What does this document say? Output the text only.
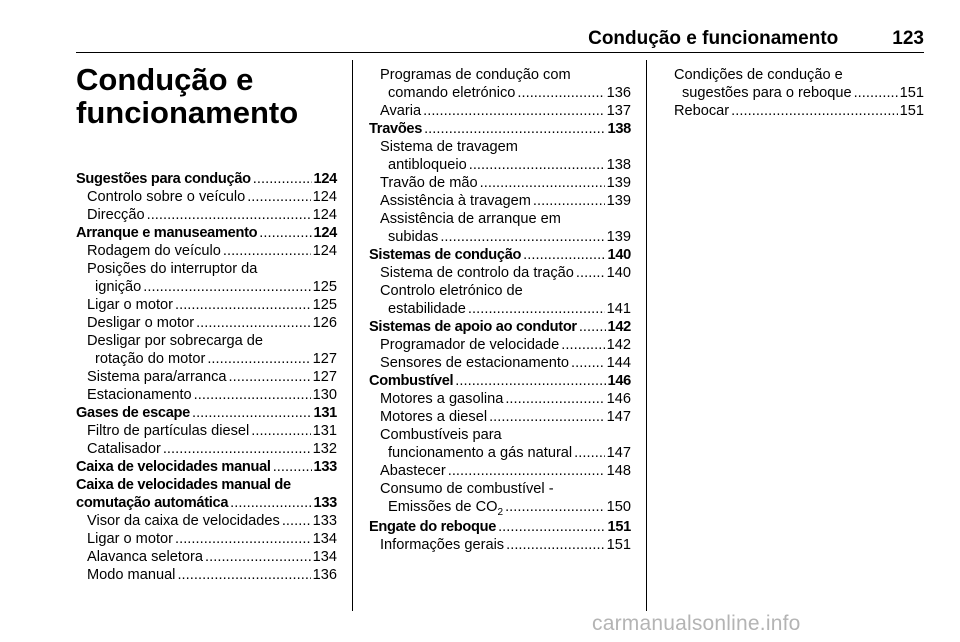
Condução e funcionamento	123
Condução e
funcionamento
Sugestões para condução . . .	124
Controlo sobre o veículo . . .	124
Direcção . . .	124
Arranque e manuseamento . . .	124
Rodagem do veículo . . .	124
Posições do interruptor da
ignição . . .	125
Ligar o motor . . .	125
Desligar o motor . . .	126
Desligar por sobrecarga de
rotação do motor . . .	127
Sistema para/arranca . . .	127
Estacionamento . . .	130
Gases de escape . . .	131
Filtro de partículas diesel . . .	131
Catalisador . . .	132
Caixa de velocidades manual . . .	133
Caixa de velocidades manual de
comutação automática . . .	133
Visor da caixa de velocidades . . . 133
Ligar o motor . . .	134
Alavanca seletora . . .	134
Modo manual . . .	136
Programas de condução com
comando eletrónico . . .	136
Avaria . . .	137
Travões . . .	138
Sistema de travagem
antibloqueio . . .	138
Travão de mão . . .	139
Assistência à travagem . . .	139
Assistência de arranque em
subidas . . .	139
Sistemas de condução . . .	140
Sistema de controlo da tração . . . 140
Controlo eletrónico de
estabilidade . . .	141
Sistemas de apoio ao condutor . . . 142
Programador de velocidade . . .	142
Sensores de estacionamento . . .	144
Combustível . . .	146
Motores a gasolina . . .	146
Motores a diesel . . .	147
Combustíveis para
funcionamento a gás natural . . . 147
Abastecer . . .	148
Consumo de combustível -
Emissões de $CO_2$ . . .	150
Engate do reboque . . .	151
Informações gerais . . .	151
Condições de condução e
sugestões para o reboque . . .	151
Rebocar . . .	151
carmanualsonline.info
